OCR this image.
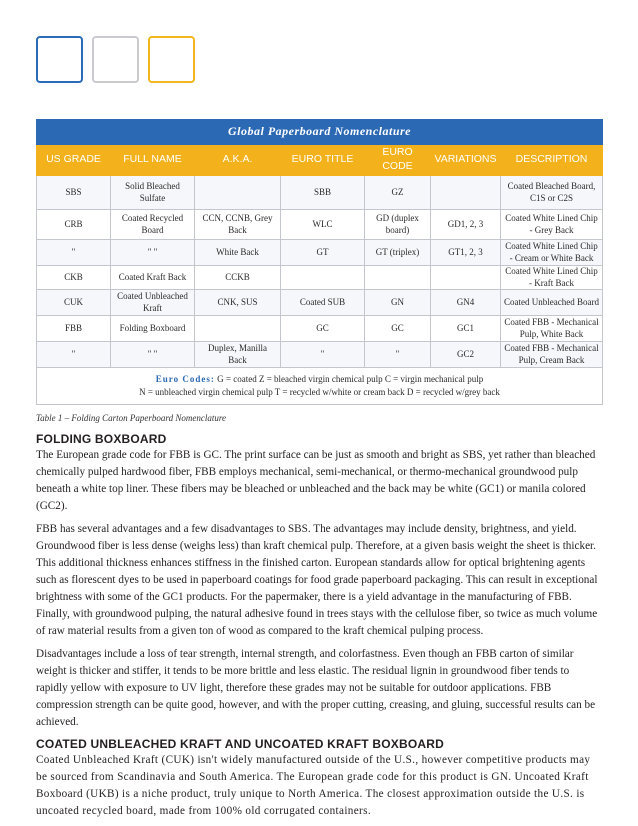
Global Paperboard Nomenclature						
US GRADE	FULL NAME	A.K.A.	EURO TITLE	EURO CODE	VARIATIONS	DESCRIPTION
SBS	Solid Bleached Sulfate		SBB	GZ		Coated Bleached Board, C1S or C2S
CRB	Coated Recycled Board	CCN, CCNB, Grey Back	WLC	GD (duplex board)	GD1, 2, 3	Coated White Lined Chip - Grey Back
"	" "	White Back	GT	GT (triplex)	GT1, 2, 3	Coated White Lined Chip - Cream or White Back
CKB	Coated Kraft Back	CCKB				Coated White Lined Chip - Kraft Back
CUK	Coated Unbleached Kraft	CNK, SUS	Coated SUB	GN	GN4	Coated Unbleached Board
FBB	Folding Boxboard		GC	GC	GC1	Coated FBB - Mechanical Pulp, White Back
"	" "	Duplex, Manilla Back	"	"	GC2	Coated FBB - Mechanical Pulp, Cream Back
Euro Codes: G = coated Z = bleached virgin chemical pulp C = virgin mechanical pulp
N = unbleached virgin chemical pulp T = recycled w/white or cream back D = recycled w/grey back						
Table 1 – Folding Carton Paperboard Nomenclature
FOLDING BOXBOARD

The European grade code for FBB is GC. The print surface can be just as smooth and bright as SBS, yet rather than bleached chemically pulped hardwood fiber, FBB employs mechanical, semi-mechanical, or thermo-mechanical groundwood pulp beneath a white top liner. These fibers may be bleached or unbleached and the back may be white (GC1) or manila colored (GC2).

FBB has several advantages and a few disadvantages to SBS. The advantages may include density, brightness, and yield. Groundwood fiber is less dense (weighs less) than kraft chemical pulp. Therefore, at a given basis weight the sheet is thicker. This additional thickness enhances stiffness in the finished carton. European standards allow for optical brightening agents such as florescent dyes to be used in paperboard coatings for food grade paperboard packaging. This can result in exceptional brightness with some of the GC1 products. For the papermaker, there is a yield advantage in the manufacturing of FBB. Finally, with groundwood pulping, the natural adhesive found in trees stays with the cellulose fiber, so twice as much volume of raw material results from a given ton of wood as compared to the kraft chemical pulping process.

Disadvantages include a loss of tear strength, internal strength, and colorfastness. Even though an FBB carton of similar weight is thicker and stiffer, it tends to be more brittle and less elastic. The residual lignin in groundwood fiber tends to rapidly yellow with exposure to UV light, therefore these grades may not be suitable for outdoor applications. FBB compression strength can be quite good, however, and with the proper cutting, creasing, and gluing, successful results can be achieved.

COATED UNBLEACHED KRAFT AND UNCOATED KRAFT BOXBOARD

Coated Unbleached Kraft (CUK) isn't widely manufactured outside of the U.S., however competitive products may be sourced from Scandinavia and South America. The European grade code for this product is GN. Uncoated Kraft Boxboard (UKB) is a niche product, truly unique to North America. The closest approximation outside the U.S. is uncoated recycled board, made from 100% old corrugated containers.
